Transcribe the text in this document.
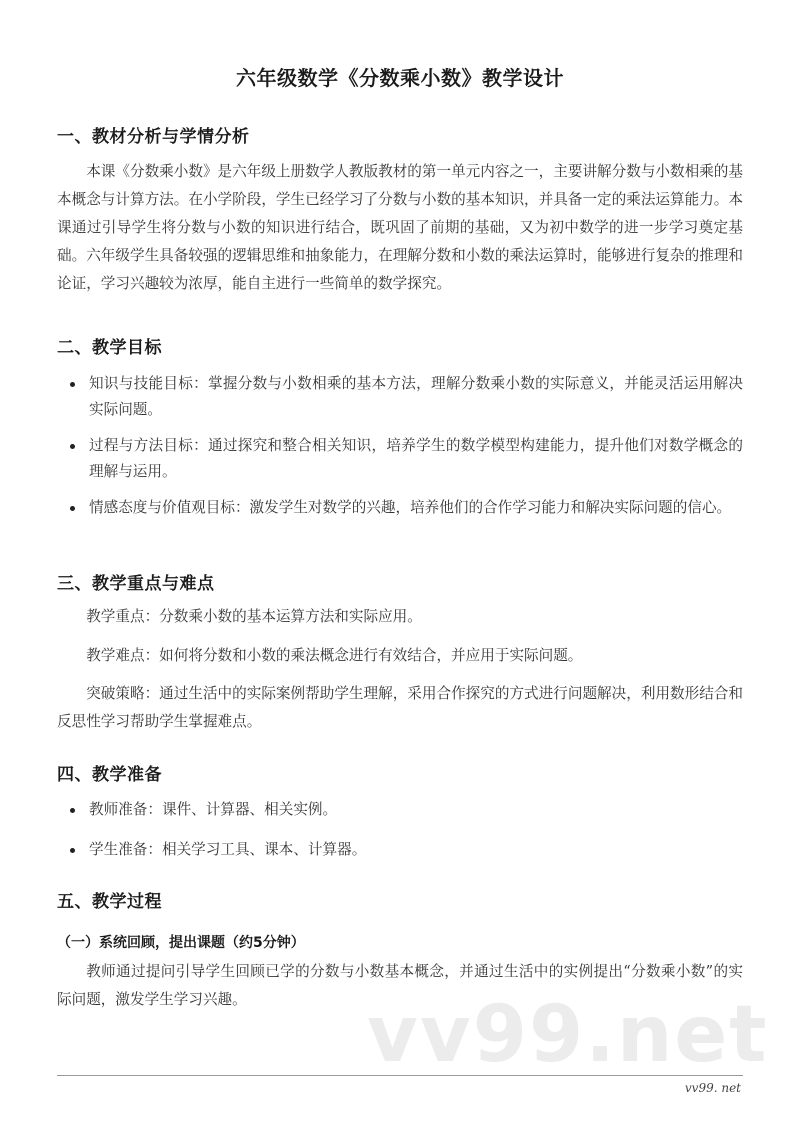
vv99.net
六年级数学《分数乘小数》教学设计
一、教材分析与学情分析
本课《分数乘小数》是六年级上册数学人教版教材的第一单元内容之一，主要讲解分数与小数相乘的基本概念与计算方法。在小学阶段，学生已经学习了分数与小数的基本知识，并具备一定的乘法运算能力。本课通过引导学生将分数与小数的知识进行结合，既巩固了前期的基础，又为初中数学的进一步学习奠定基础。六年级学生具备较强的逻辑思维和抽象能力，在理解分数和小数的乘法运算时，能够进行复杂的推理和论证，学习兴趣较为浓厚，能自主进行一些简单的数学探究。
二、教学目标
知识与技能目标：掌握分数与小数相乘的基本方法，理解分数乘小数的实际意义，并能灵活运用解决实际问题。
过程与方法目标：通过探究和整合相关知识，培养学生的数学模型构建能力，提升他们对数学概念的理解与运用。
情感态度与价值观目标：激发学生对数学的兴趣，培养他们的合作学习能力和解决实际问题的信心。
三、教学重点与难点
教学重点：分数乘小数的基本运算方法和实际应用。
教学难点：如何将分数和小数的乘法概念进行有效结合，并应用于实际问题。
突破策略：通过生活中的实际案例帮助学生理解，采用合作探究的方式进行问题解决，利用数形结合和反思性学习帮助学生掌握难点。
四、教学准备
教师准备：课件、计算器、相关实例。
学生准备：相关学习工具、课本、计算器。
五、教学过程
（一）系统回顾，提出课题（约5分钟）
教师通过提问引导学生回顾已学的分数与小数基本概念，并通过生活中的实例提出“分数乘小数”的实际问题，激发学生学习兴趣。
vv99. net
